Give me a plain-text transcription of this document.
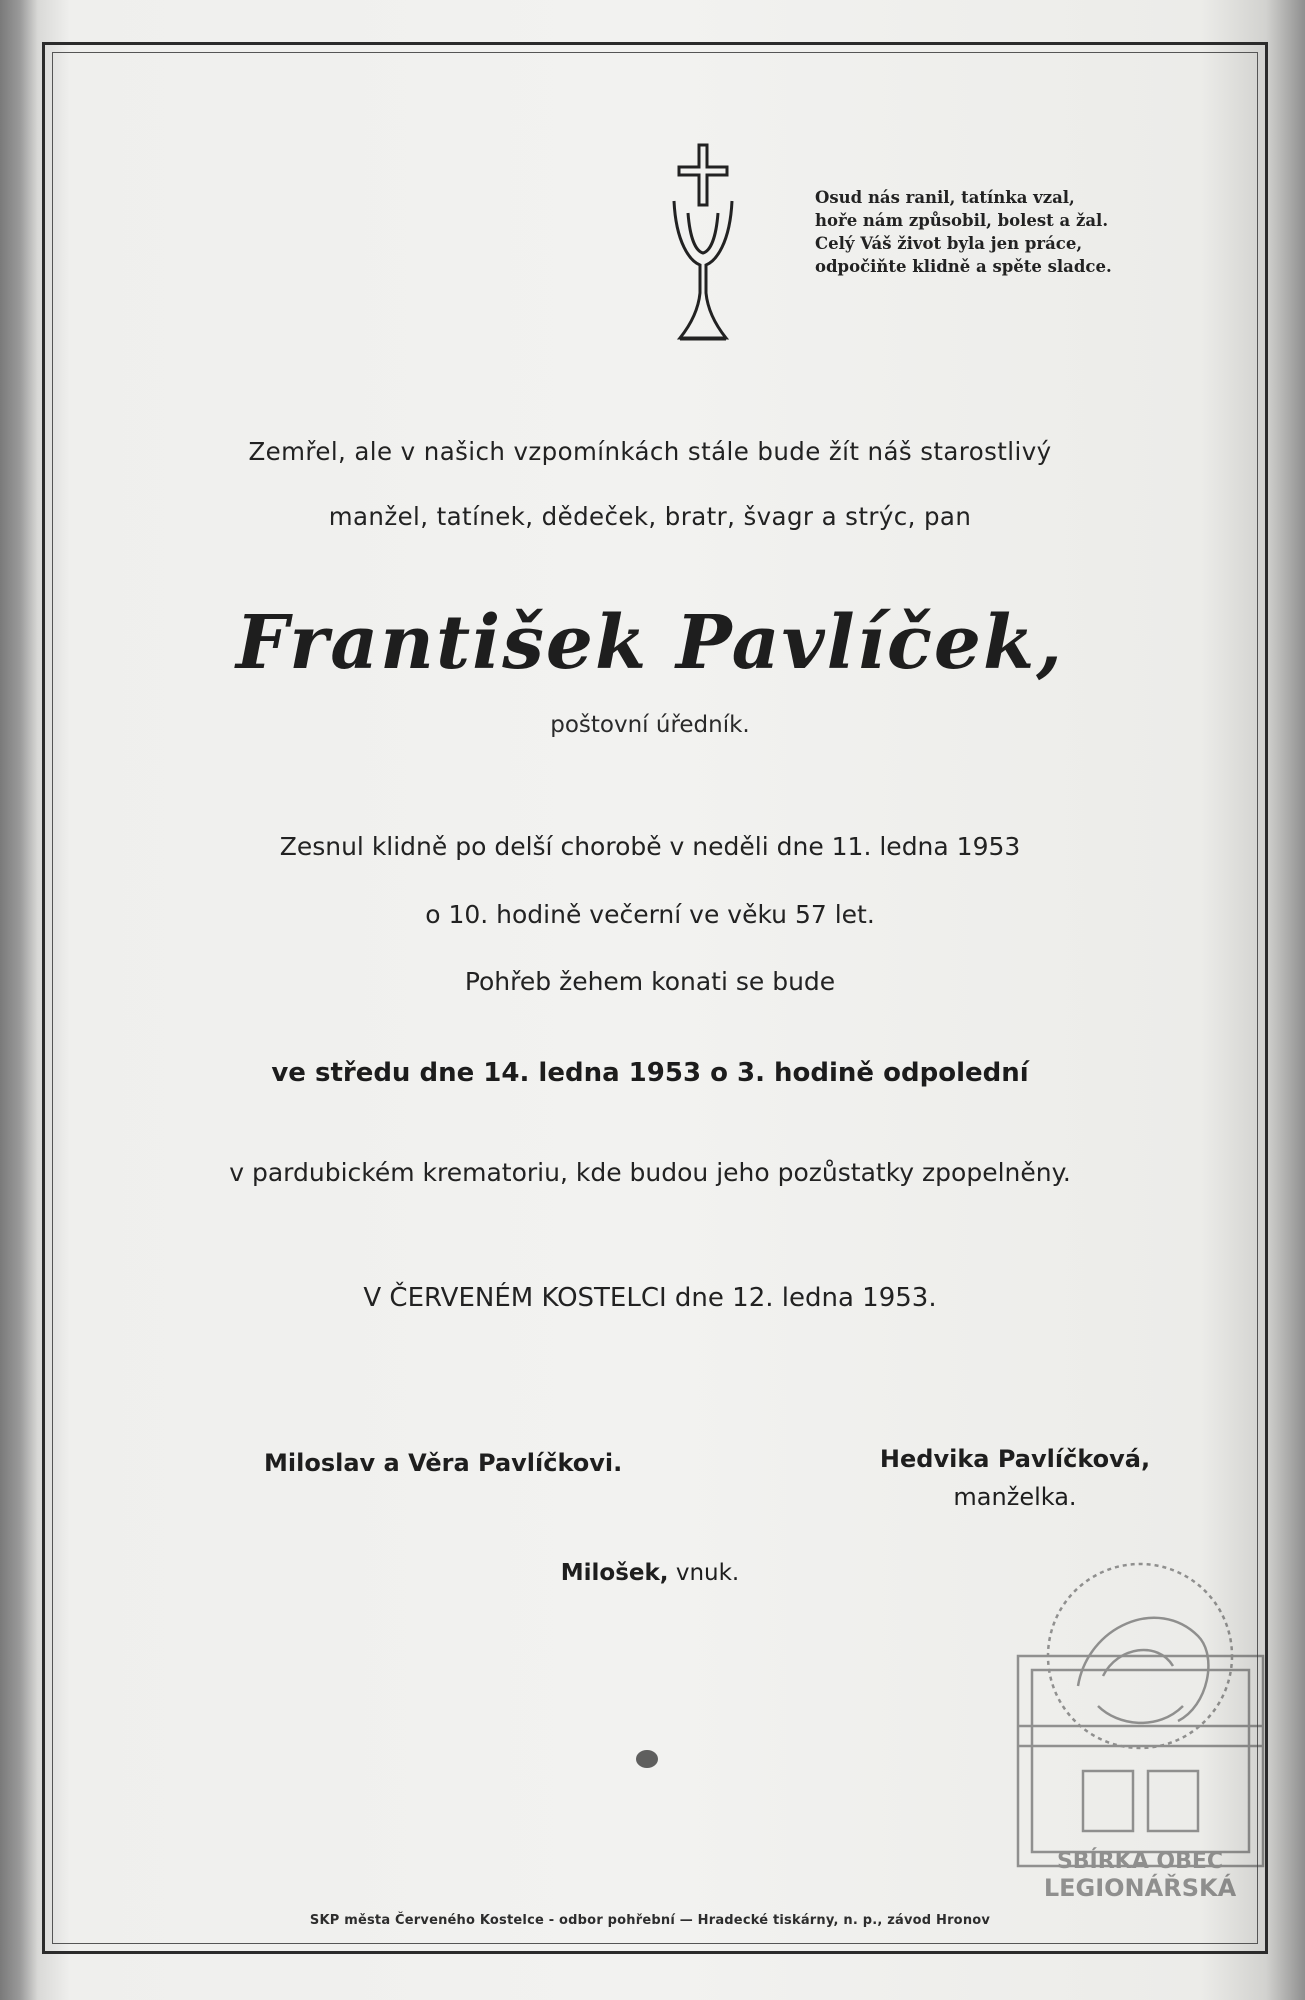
Osud nás ranil, tatínka vzal,
hoře nám způsobil, bolest a žal.
Celý Váš život byla jen práce,
odpočiňte klidně a spěte sladce.
Zemřel, ale v našich vzpomínkách stále bude žít náš starostlivý
manžel, tatínek, dědeček, bratr, švagr a strýc, pan
František Pavlíček,
poštovní úředník.
Zesnul klidně po delší chorobě v neděli dne 11. ledna 1953
o 10. hodině večerní ve věku 57 let.
Pohřeb žehem konati se bude
ve středu dne 14. ledna 1953 o 3. hodině odpolední
v pardubickém krematoriu, kde budou jeho pozůstatky zpopelněny.
V ČERVENÉM KOSTELCI dne 12. ledna 1953.
Miloslav a Věra Pavlíčkovi.	Hedvika Pavlíčková,
manželka.
Milošek, vnuk.
SKP města Červeného Kostelce - odbor pohřební — Hradecké tiskárny, n. p., závod Hronov
SBÍRKA OBEC
LEGIONÁŘSKÁ
